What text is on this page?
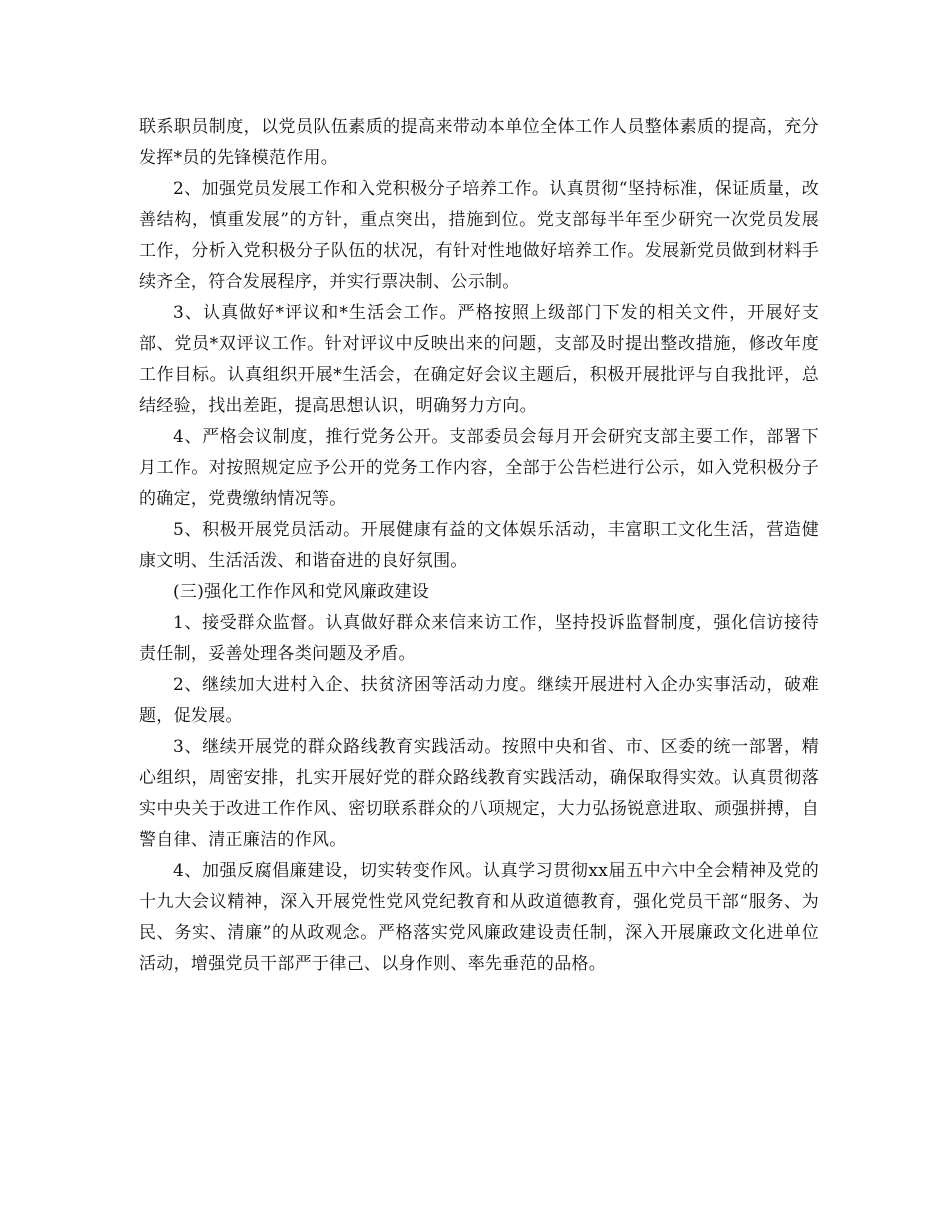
联系职员制度，以党员队伍素质的提高来带动本单位全体工作人员整体素质的提高，充分发挥*员的先锋模范作用。

2、加强党员发展工作和入党积极分子培养工作。认真贯彻“坚持标准，保证质量，改善结构，慎重发展”的方针，重点突出，措施到位。党支部每半年至少研究一次党员发展工作，分析入党积极分子队伍的状况，有针对性地做好培养工作。发展新党员做到材料手续齐全，符合发展程序，并实行票决制、公示制。

3、认真做好*评议和*生活会工作。严格按照上级部门下发的相关文件，开展好支部、党员*双评议工作。针对评议中反映出来的问题，支部及时提出整改措施，修改年度工作目标。认真组织开展*生活会，在确定好会议主题后，积极开展批评与自我批评，总结经验，找出差距，提高思想认识，明确努力方向。

4、严格会议制度，推行党务公开。支部委员会每月开会研究支部主要工作，部署下月工作。对按照规定应予公开的党务工作内容，全部于公告栏进行公示，如入党积极分子的确定，党费缴纳情况等。

5、积极开展党员活动。开展健康有益的文体娱乐活动，丰富职工文化生活，营造健康文明、生活活泼、和谐奋进的良好氛围。

(三)强化工作作风和党风廉政建设

1、接受群众监督。认真做好群众来信来访工作，坚持投诉监督制度，强化信访接待责任制，妥善处理各类问题及矛盾。

2、继续加大进村入企、扶贫济困等活动力度。继续开展进村入企办实事活动，破难题，促发展。

3、继续开展党的群众路线教育实践活动。按照中央和省、市、区委的统一部署，精心组织，周密安排，扎实开展好党的群众路线教育实践活动，确保取得实效。认真贯彻落实中央关于改进工作作风、密切联系群众的八项规定，大力弘扬锐意进取、顽强拼搏，自警自律、清正廉洁的作风。

4、加强反腐倡廉建设，切实转变作风。认真学习贯彻xx届五中六中全会精神及党的十九大会议精神，深入开展党性党风党纪教育和从政道德教育，强化党员干部“服务、为民、务实、清廉”的从政观念。严格落实党风廉政建设责任制，深入开展廉政文化进单位活动，增强党员干部严于律己、以身作则、率先垂范的品格。
